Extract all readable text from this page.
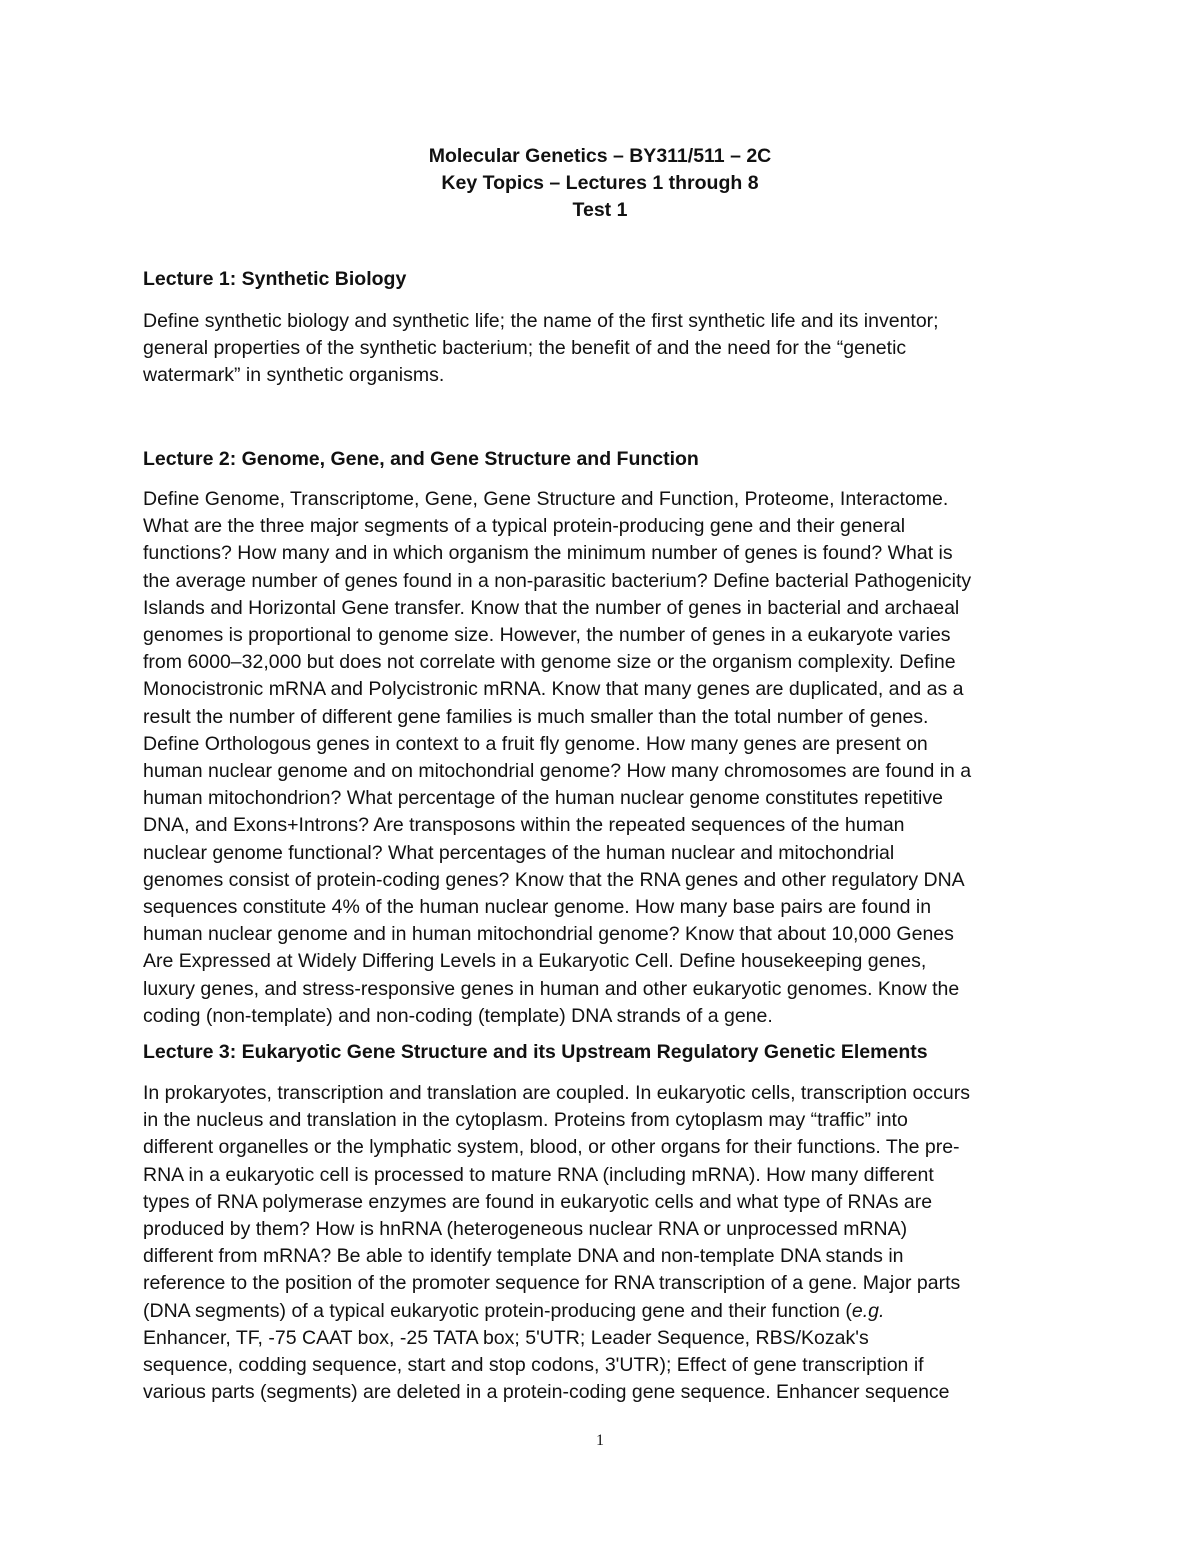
Molecular Genetics – BY311/511 – 2C
Key Topics – Lectures 1 through 8
Test 1
Lecture 1: Synthetic Biology
Define synthetic biology and synthetic life; the name of the first synthetic life and its inventor;
general properties of the synthetic bacterium; the benefit of and the need for the “genetic
watermark” in synthetic organisms.
Lecture 2: Genome, Gene, and Gene Structure and Function
Define Genome, Transcriptome, Gene, Gene Structure and Function, Proteome, Interactome.
What are the three major segments of a typical protein-producing gene and their general
functions? How many and in which organism the minimum number of genes is found? What is
the average number of genes found in a non-parasitic bacterium? Define bacterial Pathogenicity
Islands and Horizontal Gene transfer. Know that the number of genes in bacterial and archaeal
genomes is proportional to genome size. However, the number of genes in a eukaryote varies
from 6000–32,000 but does not correlate with genome size or the organism complexity. Define
Monocistronic mRNA and Polycistronic mRNA. Know that many genes are duplicated, and as a
result the number of different gene families is much smaller than the total number of genes.
Define Orthologous genes in context to a fruit fly genome. How many genes are present on
human nuclear genome and on mitochondrial genome? How many chromosomes are found in a
human mitochondrion? What percentage of the human nuclear genome constitutes repetitive
DNA, and Exons+Introns? Are transposons within the repeated sequences of the human
nuclear genome functional? What percentages of the human nuclear and mitochondrial
genomes consist of protein-coding genes? Know that the RNA genes and other regulatory DNA
sequences constitute 4% of the human nuclear genome. How many base pairs are found in
human nuclear genome and in human mitochondrial genome? Know that about 10,000 Genes
Are Expressed at Widely Differing Levels in a Eukaryotic Cell. Define housekeeping genes,
luxury genes, and stress-responsive genes in human and other eukaryotic genomes. Know the
coding (non-template) and non-coding (template) DNA strands of a gene.
Lecture 3: Eukaryotic Gene Structure and its Upstream Regulatory Genetic Elements
In prokaryotes, transcription and translation are coupled. In eukaryotic cells, transcription occurs
in the nucleus and translation in the cytoplasm. Proteins from cytoplasm may “traffic” into
different organelles or the lymphatic system, blood, or other organs for their functions. The pre-
RNA in a eukaryotic cell is processed to mature RNA (including mRNA). How many different
types of RNA polymerase enzymes are found in eukaryotic cells and what type of RNAs are
produced by them? How is hnRNA (heterogeneous nuclear RNA or unprocessed mRNA)
different from mRNA? Be able to identify template DNA and non-template DNA stands in
reference to the position of the promoter sequence for RNA transcription of a gene. Major parts
(DNA segments) of a typical eukaryotic protein-producing gene and their function (e.g.
Enhancer, TF, -75 CAAT box, -25 TATA box; 5'UTR; Leader Sequence, RBS/Kozak's
sequence, codding sequence, start and stop codons, 3'UTR); Effect of gene transcription if
various parts (segments) are deleted in a protein-coding gene sequence. Enhancer sequence
1
